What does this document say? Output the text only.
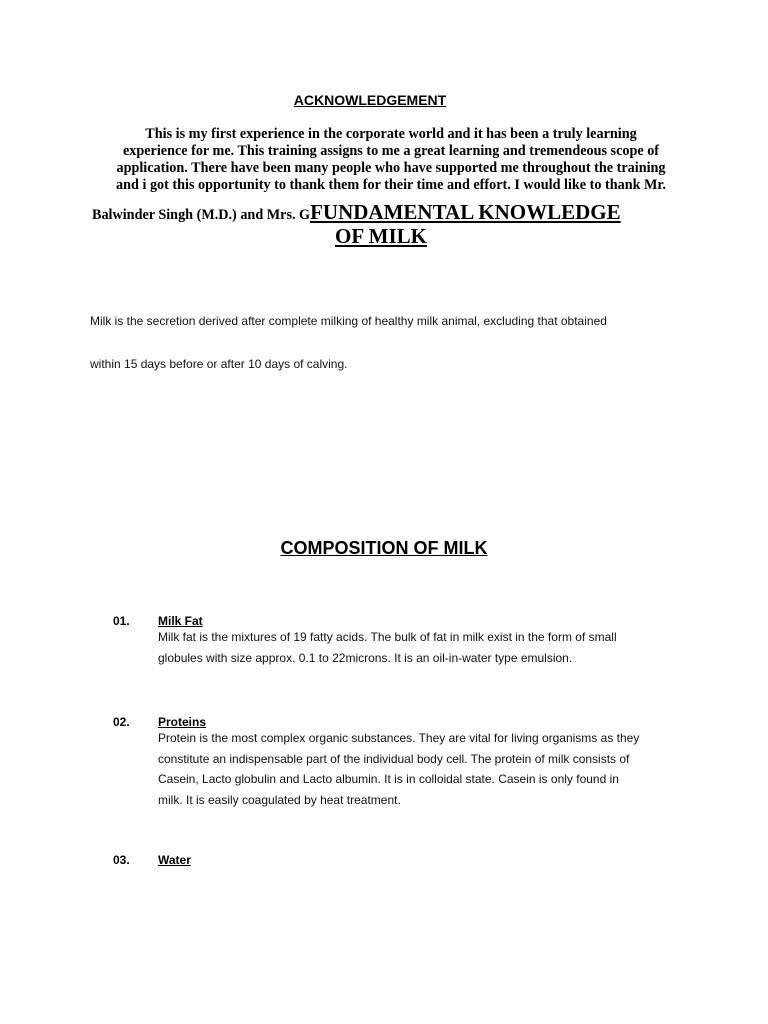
ACKNOWLEDGEMENT
This is my first experience in the corporate world and it has been a truly learning
experience for me. This training assigns to me a great learning and tremendeous scope of
application. There have been many people who have supported me throughout the training
and i got this opportunity to thank them for their time and effort. I would like to thank Mr.
Balwinder Singh (M.D.) and Mrs. GFUNDAMENTAL KNOWLEDGE
OF MILK
Milk is the secretion derived after complete milking of healthy milk animal, excluding that obtained
within 15 days before or after 10 days of calving.
COMPOSITION OF MILK
01. Milk Fat
Milk fat is the mixtures of 19 fatty acids. The bulk of fat in milk exist in the form of small
globules with size approx. 0.1 to 22microns. It is an oil-in-water type emulsion.
02. Proteins
Protein is the most complex organic substances. They are vital for living organisms as they
constitute an indispensable part of the individual body cell. The protein of milk consists of
Casein, Lacto globulin and Lacto albumin. It is in colloidal state. Casein is only found in
milk. It is easily coagulated by heat treatment.
03. Water
